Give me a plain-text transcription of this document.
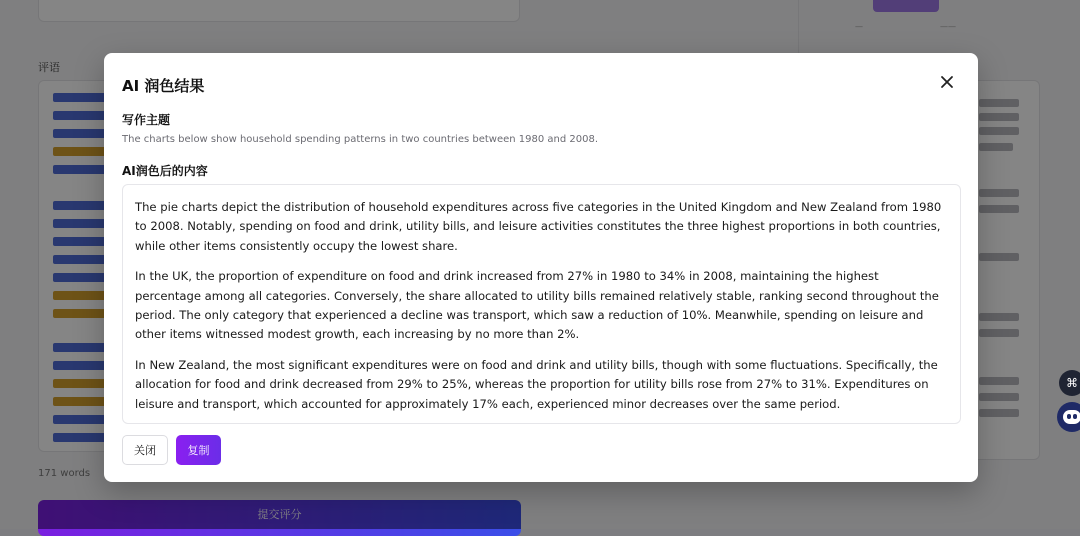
—	——
评语
171 words
提交评分
⌘
AI 润色结果
写作主题
The charts below show household spending patterns in two countries between 1980 and 2008.
AI润色后的内容

The pie charts depict the distribution of household expenditures across five categories in the United Kingdom and New Zealand from 1980 to 2008. Notably, spending on food and drink, utility bills, and leisure activities constitutes the three highest proportions in both countries, while other items consistently occupy the lowest share.

In the UK, the proportion of expenditure on food and drink increased from 27% in 1980 to 34% in 2008, maintaining the highest percentage among all categories. Conversely, the share allocated to utility bills remained relatively stable, ranking second throughout the period. The only category that experienced a decline was transport, which saw a reduction of 10%. Meanwhile, spending on leisure and other items witnessed modest growth, each increasing by no more than 2%.

In New Zealand, the most significant expenditures were on food and drink and utility bills, though with some fluctuations. Specifically, the allocation for food and drink decreased from 29% to 25%, whereas the proportion for utility bills rose from 27% to 31%. Expenditures on leisure and transport, which accounted for approximately 17% each, experienced minor decreases over the same period.

关闭	复制
